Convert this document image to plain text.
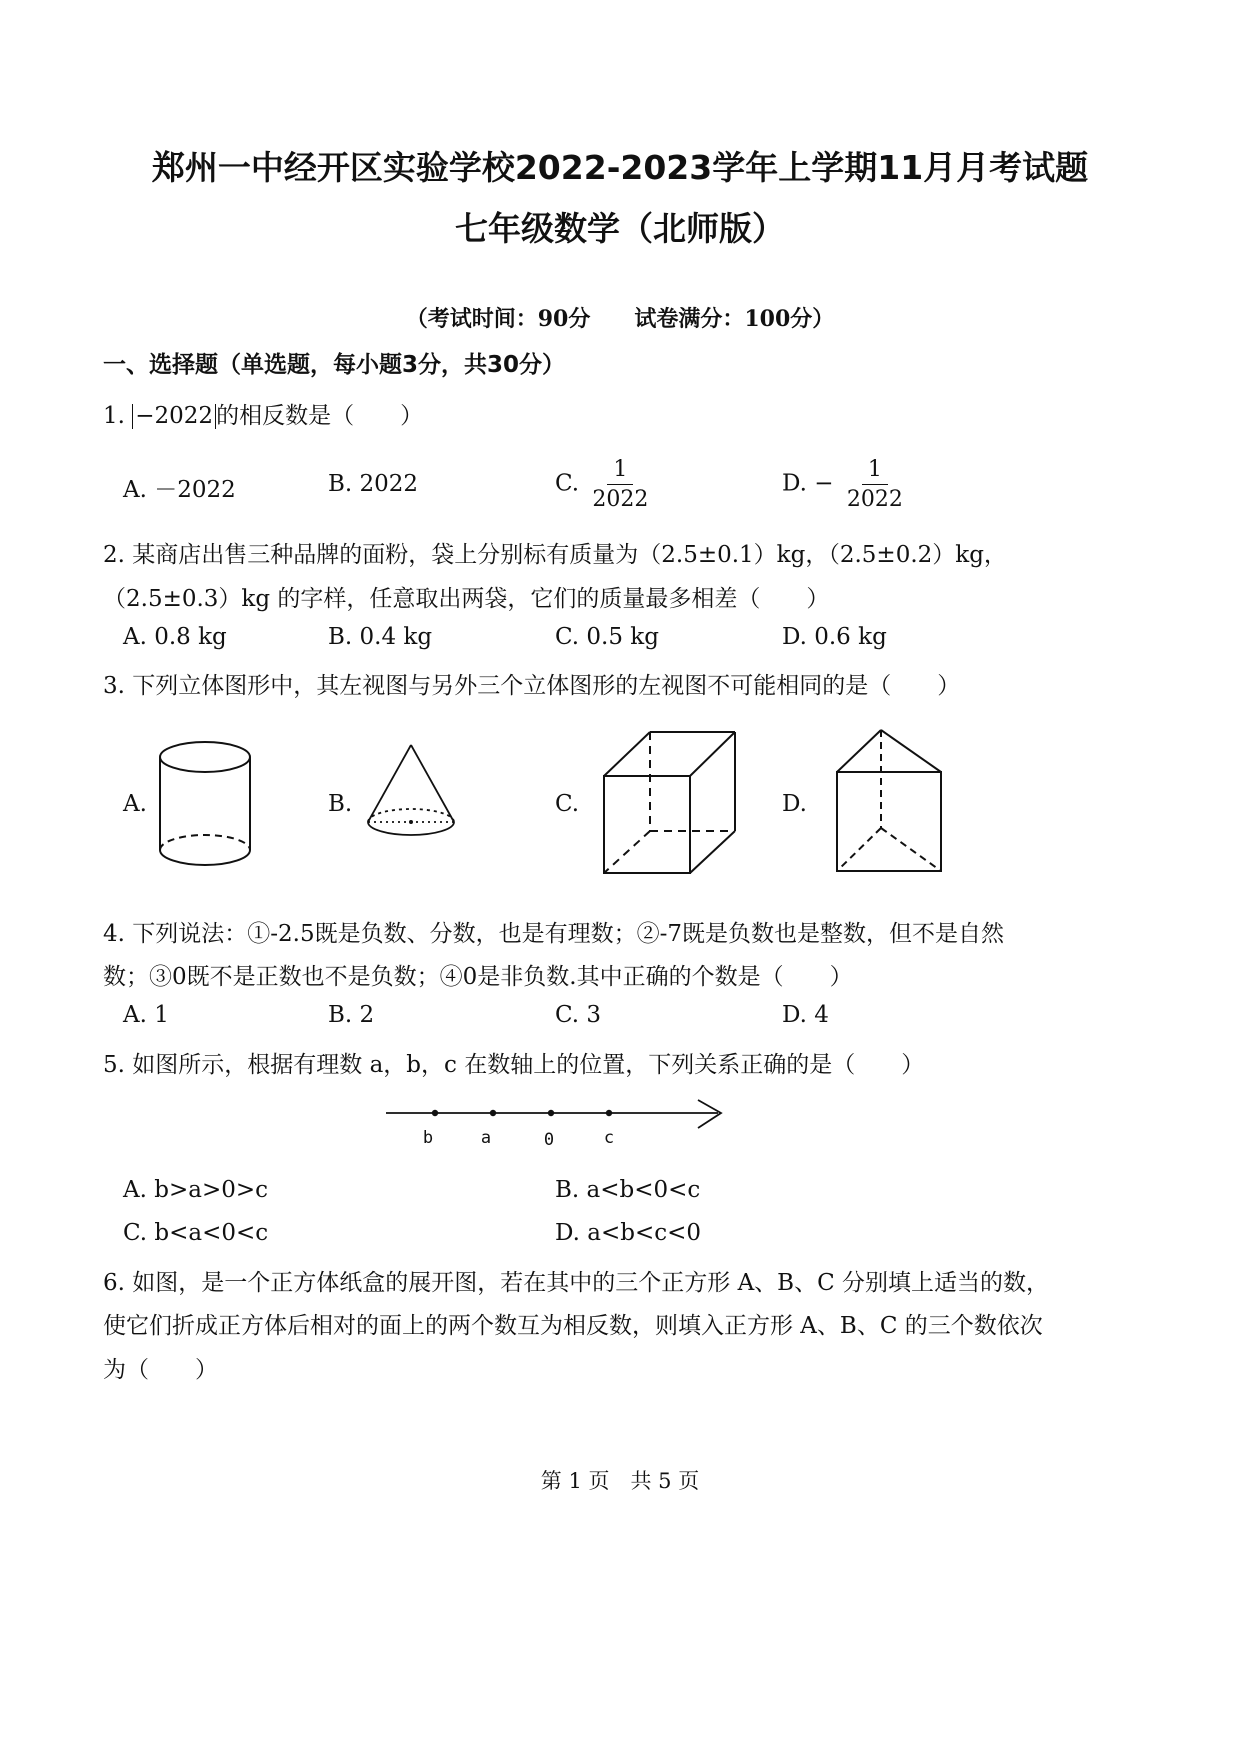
郑州一中经开区实验学校2022-2023学年上学期11月月考试题
七年级数学（北师版）
（考试时间：90分　　试卷满分：100分）
一、选择题（单选题，每小题3分，共30分）
1. −2022 的相反数是（　　）
A. －2022	B. 2022	C. $\frac{1}{2022}$	D. − $\frac{1}{2022}$
2. 某商店出售三种品牌的面粉，袋上分别标有质量为（2.5±0.1）kg，（2.5±0.2）kg，
（2.5±0.3）kg 的字样，任意取出两袋，它们的质量最多相差（　　）
A. 0.8 kg	B. 0.4 kg	C. 0.5 kg	D. 0.6 kg
3. 下列立体图形中，其左视图与另外三个立体图形的左视图不可能相同的是（　　）
A.	B.	C.	D.
4. 下列说法：①-2.5既是负数、分数，也是有理数；②-7既是负数也是整数，但不是自然
数；③0既不是正数也不是负数；④0是非负数.其中正确的个数是（　　）
A. 1	B. 2	C. 3	D. 4
5. 如图所示，根据有理数 a，b，c 在数轴上的位置，下列关系正确的是（　　）
b	a	0	c
A. b>a>0>c	B. a<b<0<c
C. b<a<0<c	D. a<b<c<0
6. 如图，是一个正方体纸盒的展开图，若在其中的三个正方形 A、B、C 分别填上适当的数，
使它们折成正方体后相对的面上的两个数互为相反数，则填入正方形 A、B、C 的三个数依次
为（　　）
第 1 页　共 5 页
